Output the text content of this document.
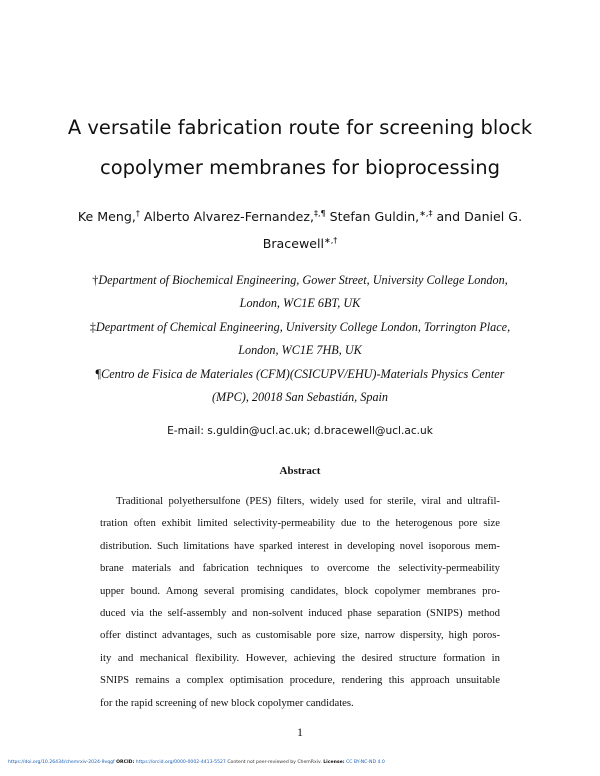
A versatile fabrication route for screening block
copolymer membranes for bioprocessing
Ke Meng,† Alberto Alvarez-Fernandez,‡,¶ Stefan Guldin,∗,‡ and Daniel G.
Bracewell∗,†
†Department of Biochemical Engineering, Gower Street, University College London,
London, WC1E 6BT, UK
‡Department of Chemical Engineering, University College London, Torrington Place,
London, WC1E 7HB, UK
¶Centro de Fisica de Materiales (CFM)(CSICUPV/EHU)-Materials Physics Center
(MPC), 20018 San Sebastián, Spain
E-mail: s.guldin@ucl.ac.uk; d.bracewell@ucl.ac.uk
Abstract
Traditional polyethersulfone (PES) filters, widely used for sterile, viral and ultrafil-
tration often exhibit limited selectivity-permeability due to the heterogenous pore size
distribution. Such limitations have sparked interest in developing novel isoporous mem-
brane materials and fabrication techniques to overcome the selectivity-permeability
upper bound. Among several promising candidates, block copolymer membranes pro-
duced via the self-assembly and non-solvent induced phase separation (SNIPS) method
offer distinct advantages, such as customisable pore size, narrow dispersity, high poros-
ity and mechanical flexibility. However, achieving the desired structure formation in
SNIPS remains a complex optimisation procedure, rendering this approach unsuitable
for the rapid screening of new block copolymer candidates.
1
https://doi.org/10.26434/chemrxiv-2024-9vqgf ORCID: https://orcid.org/0000-0002-4413-5527 Content not peer-reviewed by ChemRxiv. License: CC BY-NC-ND 4.0
